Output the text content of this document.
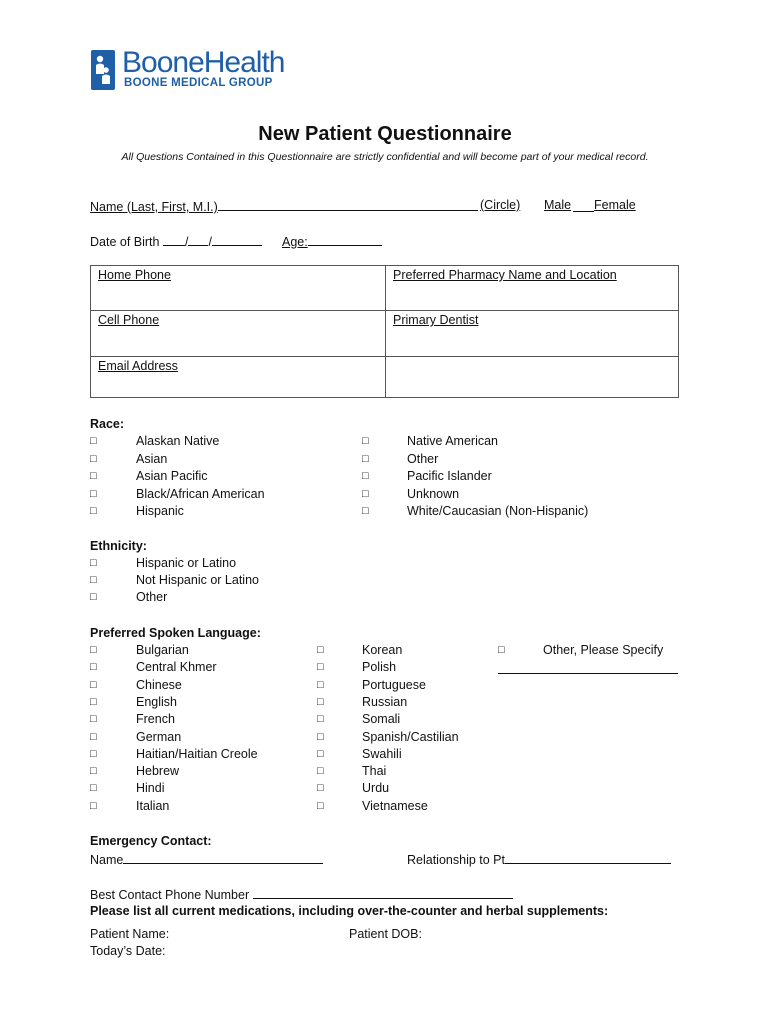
BooneHealth
BOONE MEDICAL GROUP
New Patient Questionnaire
All Questions Contained in this Questionnaire are strictly confidential and will become part of your medical record.
Name (Last, First, M.I.)	(Circle) Male Female
Date of Birth / /	Age:
Home Phone	Preferred Pharmacy Name and Location
Cell Phone	Primary Dentist
Email Address	
Race:
□	Alaskan Native
□	Asian
□	Asian Pacific
□	Black/African American
□	Hispanic
□	Native American
□	Other
□	Pacific Islander
□	Unknown
□	White/Caucasian (Non-Hispanic)
Ethnicity:
□	Hispanic or Latino
□	Not Hispanic or Latino
□	Other
Preferred Spoken Language:
□	Bulgarian
□	Central Khmer
□	Chinese
□	English
□	French
□	German
□	Haitian/Haitian Creole
□	Hebrew
□	Hindi
□	Italian
□	Korean
□	Polish
□	Portuguese
□	Russian
□	Somali
□	Spanish/Castilian
□	Swahili
□	Thai
□	Urdu
□	Vietnamese
□	Other, Please Specify
Emergency Contact:
Name	Relationship to Pt
Best Contact Phone Number
Please list all current medications, including over-the-counter and herbal supplements:
Patient Name:	Patient DOB:
Today’s Date:
